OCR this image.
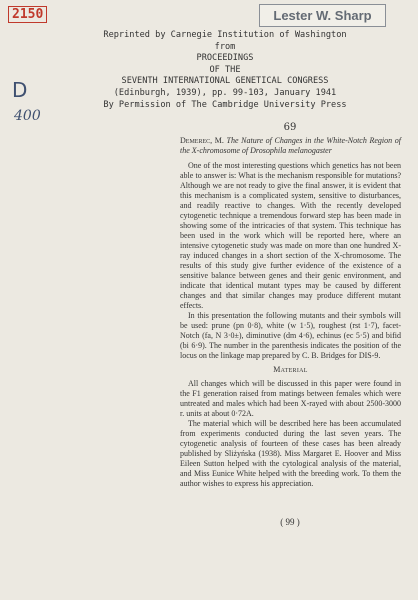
2150	Lester W. Sharp
D
400
Reprinted by Carnegie Institution of Washington
from
PROCEEDINGS
OF THE
SEVENTH INTERNATIONAL GENETICAL CONGRESS
(Edinburgh, 1939), pp. 99-103, January 1941
By Permission of The Cambridge University Press
69

Demerec, M. The Nature of Changes in the White-Notch Region of the X-chromosome of Drosophila melanogaster

One of the most interesting questions which genetics has not been able to answer is: What is the mechanism responsible for mutations? Although we are not ready to give the final answer, it is evident that this mechanism is a complicated system, sensitive to disturbances, and readily reactive to changes. With the recently developed cytogenetic technique a tremendous forward step has been made in showing some of the intricacies of that system. This technique has been used in the work which will be reported here, where an intensive cytogenetic study was made on more than one hundred X-ray induced changes in a short section of the X-chromosome. The results of this study give further evidence of the existence of a sensitive balance between genes and their genic environment, and indicate that identical mutant types may be caused by different changes and that similar changes may produce different mutant effects.

In this presentation the following mutants and their symbols will be used: prune (pn 0·8), white (w 1·5), roughest (rst 1·7), facet-Notch (fa, N 3·0±), diminutive (dm 4·6), echinus (ec 5·5) and bifid (bi 6·9). The number in the parenthesis indicates the position of the locus on the linkage map prepared by C. B. Bridges for DIS-9.

Material

All changes which will be discussed in this paper were found in the F1 generation raised from matings between females which were untreated and males which had been X-rayed with about 2500-3000 r. units at about 0·72A.

The material which will be described here has been accumulated from experiments conducted during the last seven years. The cytogenetic analysis of fourteen of these cases has been already published by Sliżyńska (1938). Miss Margaret E. Hoover and Miss Eileen Sutton helped with the cytological analysis of the material, and Miss Eunice White helped with the breeding work. To them the author wishes to express his appreciation.

( 99 )
